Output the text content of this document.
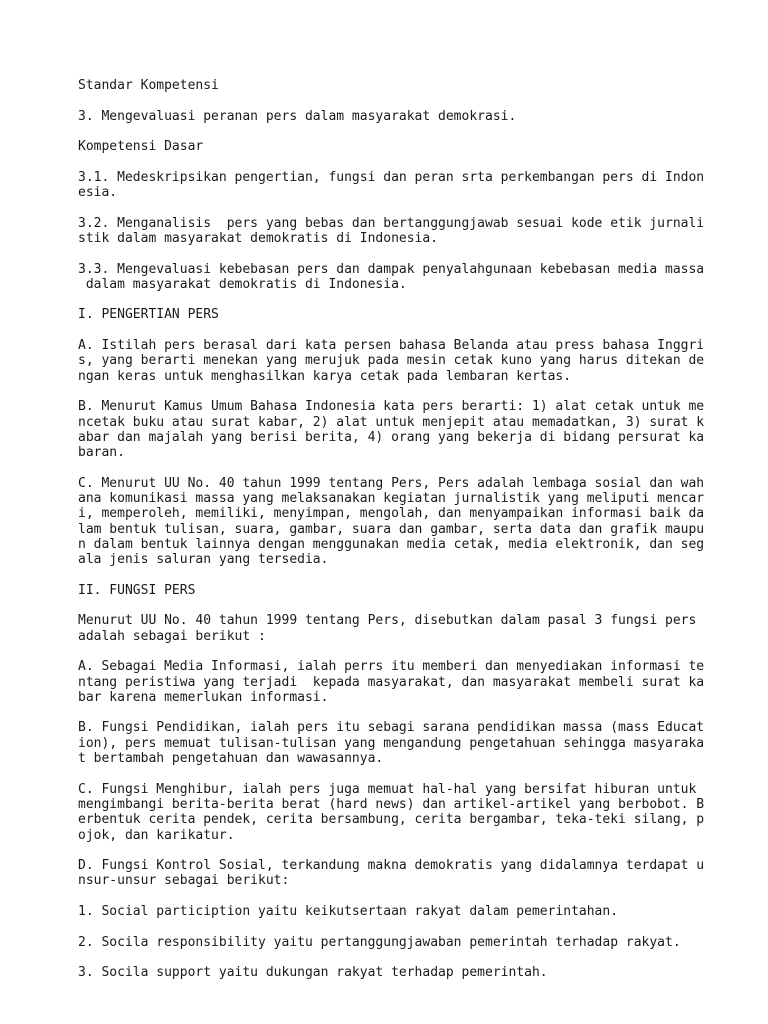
Standar Kompetensi

3. Mengevaluasi peranan pers dalam masyarakat demokrasi.

Kompetensi Dasar

3.1. Medeskripsikan pengertian, fungsi dan peran srta perkembangan pers di Indon
esia.

3.2. Menganalisis  pers yang bebas dan bertanggungjawab sesuai kode etik jurnali
stik dalam masyarakat demokratis di Indonesia.

3.3. Mengevaluasi kebebasan pers dan dampak penyalahgunaan kebebasan media massa
dalam masyarakat demokratis di Indonesia.

I. PENGERTIAN PERS

A. Istilah pers berasal dari kata persen bahasa Belanda atau press bahasa Inggri
s, yang berarti menekan yang merujuk pada mesin cetak kuno yang harus ditekan de
ngan keras untuk menghasilkan karya cetak pada lembaran kertas.

B. Menurut Kamus Umum Bahasa Indonesia kata pers berarti: 1) alat cetak untuk me
ncetak buku atau surat kabar, 2) alat untuk menjepit atau memadatkan, 3) surat k
abar dan majalah yang berisi berita, 4) orang yang bekerja di bidang persurat ka
baran.

C. Menurut UU No. 40 tahun 1999 tentang Pers, Pers adalah lembaga sosial dan wah
ana komunikasi massa yang melaksanakan kegiatan jurnalistik yang meliputi mencar
i, memperoleh, memiliki, menyimpan, mengolah, dan menyampaikan informasi baik da
lam bentuk tulisan, suara, gambar, suara dan gambar, serta data dan grafik maupu
n dalam bentuk lainnya dengan menggunakan media cetak, media elektronik, dan seg
ala jenis saluran yang tersedia.

II. FUNGSI PERS

Menurut UU No. 40 tahun 1999 tentang Pers, disebutkan dalam pasal 3 fungsi pers
adalah sebagai berikut :

A. Sebagai Media Informasi, ialah perrs itu memberi dan menyediakan informasi te
ntang peristiwa yang terjadi  kepada masyarakat, dan masyarakat membeli surat ka
bar karena memerlukan informasi.

B. Fungsi Pendidikan, ialah pers itu sebagi sarana pendidikan massa (mass Educat
ion), pers memuat tulisan-tulisan yang mengandung pengetahuan sehingga masyaraka
t bertambah pengetahuan dan wawasannya.

C. Fungsi Menghibur, ialah pers juga memuat hal-hal yang bersifat hiburan untuk
mengimbangi berita-berita berat (hard news) dan artikel-artikel yang berbobot. B
erbentuk cerita pendek, cerita bersambung, cerita bergambar, teka-teki silang, p
ojok, dan karikatur.

D. Fungsi Kontrol Sosial, terkandung makna demokratis yang didalamnya terdapat u
nsur-unsur sebagai berikut:

1. Social particiption yaitu keikutsertaan rakyat dalam pemerintahan.

2. Socila responsibility yaitu pertanggungjawaban pemerintah terhadap rakyat.

3. Socila support yaitu dukungan rakyat terhadap pemerintah.
